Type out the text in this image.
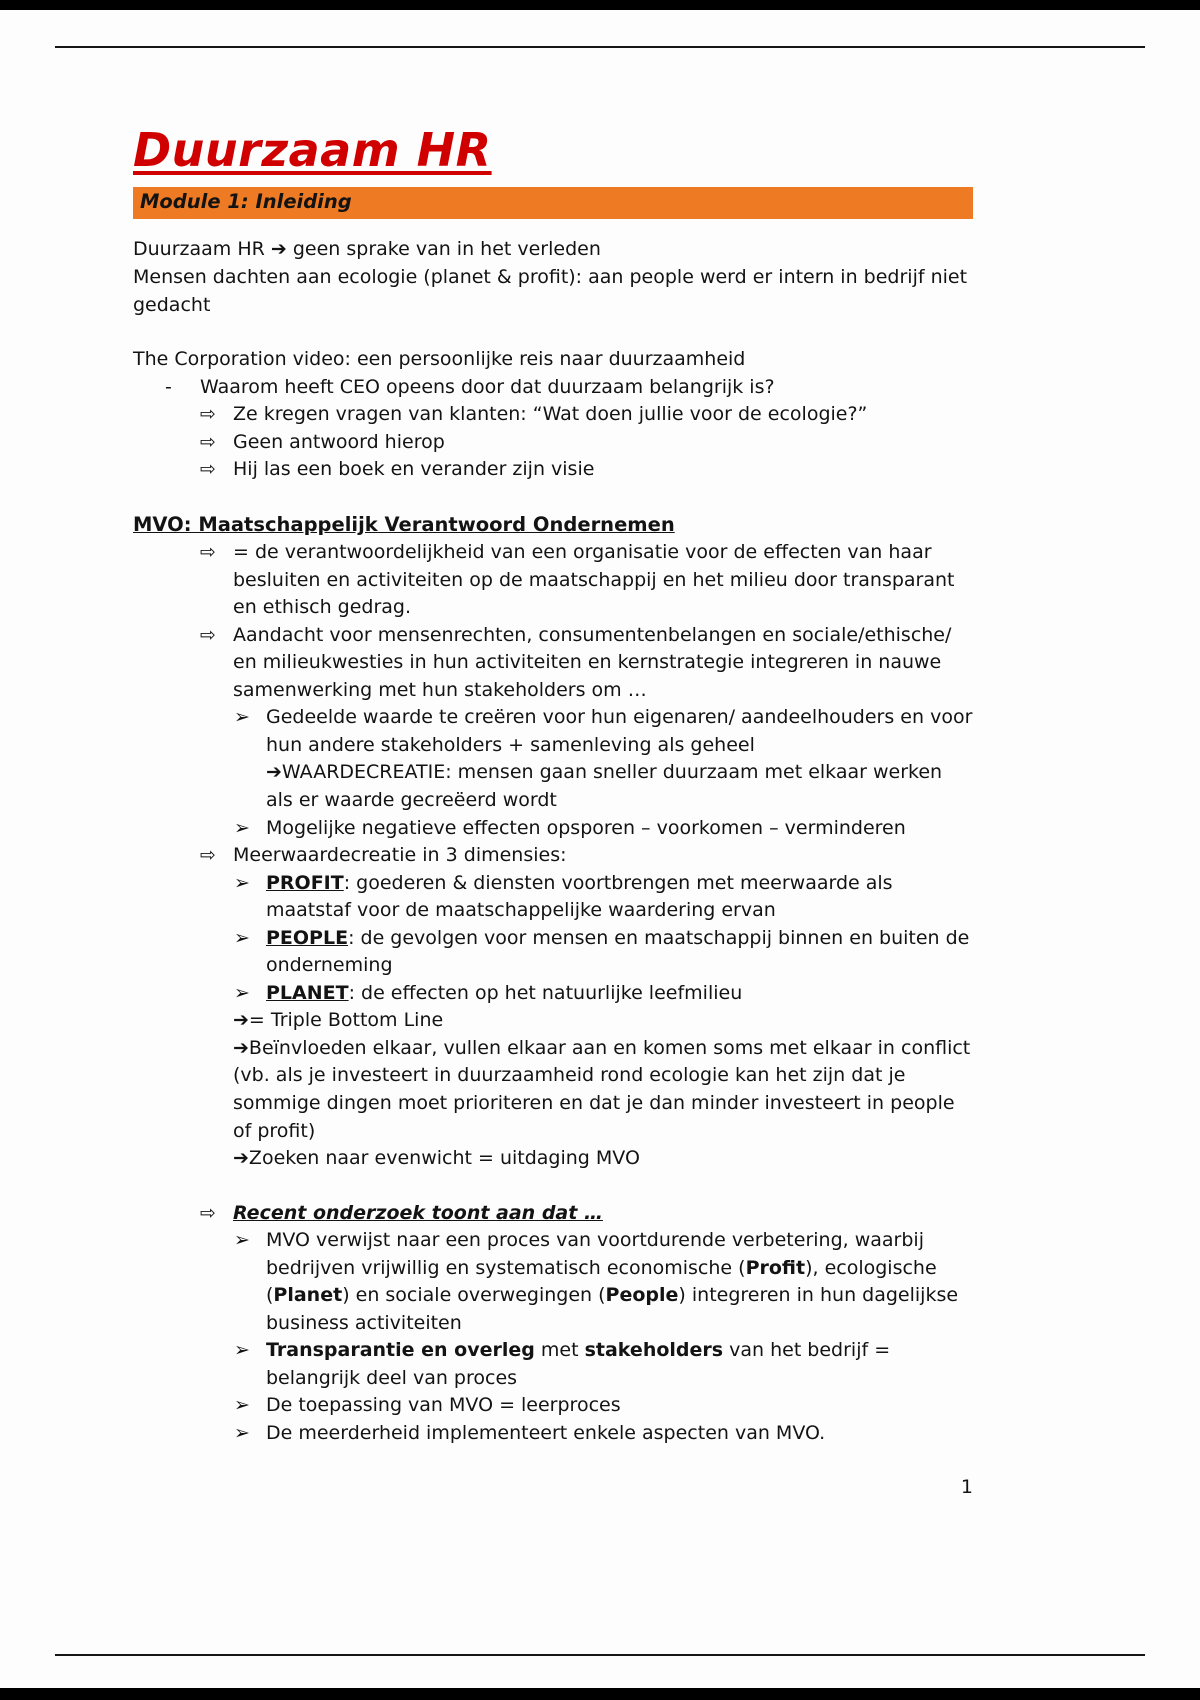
Duurzaam HR

Module 1: Inleiding

Duurzaam HR ➔ geen sprake van in het verleden
Mensen dachten aan ecologie (planet & profit): aan people werd er intern in bedrijf niet gedacht

The Corporation video: een persoonlijke reis naar duurzaamheid

- Waarom heeft CEO opeens door dat duurzaam belangrijk is?
⇨ Ze kregen vragen van klanten: “Wat doen jullie voor de ecologie?”
⇨ Geen antwoord hierop
⇨ Hij las een boek en verander zijn visie

MVO: Maatschappelijk Verantwoord Ondernemen

⇨ = de verantwoordelijkheid van een organisatie voor de effecten van haar besluiten en activiteiten op de maatschappij en het milieu door transparant en ethisch gedrag.
⇨ Aandacht voor mensenrechten, consumentenbelangen en sociale/ethische/ en milieukwesties in hun activiteiten en kernstrategie integreren in nauwe samenwerking met hun stakeholders om …
➢ Gedeelde waarde te creëren voor hun eigenaren/ aandeelhouders en voor hun andere stakeholders + samenleving als geheel
➔WAARDECREATIE: mensen gaan sneller duurzaam met elkaar werken als er waarde gecreëerd wordt
➢ Mogelijke negatieve effecten opsporen – voorkomen – verminderen
⇨ Meerwaardecreatie in 3 dimensies:
➢ PROFIT: goederen & diensten voortbrengen met meerwaarde als maatstaf voor de maatschappelijke waardering ervan
➢ PEOPLE: de gevolgen voor mensen en maatschappij binnen en buiten de onderneming
➢ PLANET: de effecten op het natuurlijke leefmilieu

➔= Triple Bottom Line

➔Beïnvloeden elkaar, vullen elkaar aan en komen soms met elkaar in conflict (vb. als je investeert in duurzaamheid rond ecologie kan het zijn dat je sommige dingen moet prioriteren en dat je dan minder investeert in people of profit)

➔Zoeken naar evenwicht = uitdaging MVO

⇨ Recent onderzoek toont aan dat …
➢ MVO verwijst naar een proces van voortdurende verbetering, waarbij bedrijven vrijwillig en systematisch economische (Profit), ecologische (Planet) en sociale overwegingen (People) integreren in hun dagelijkse business activiteiten
➢ Transparantie en overleg met stakeholders van het bedrijf = belangrijk deel van proces
➢ De toepassing van MVO = leerproces
➢ De meerderheid implementeert enkele aspecten van MVO.
1
